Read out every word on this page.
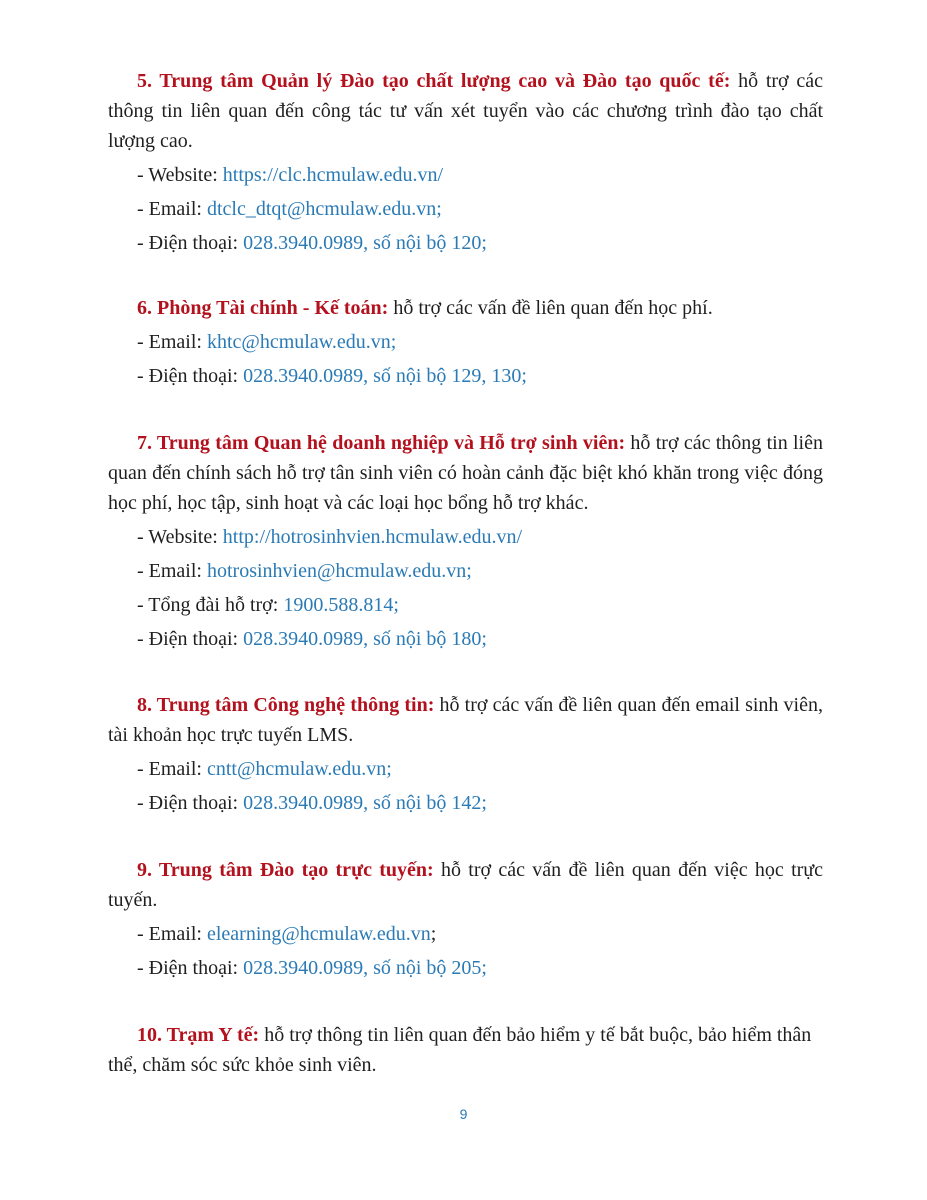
5. Trung tâm Quản lý Đào tạo chất lượng cao và Đào tạo quốc tế: hỗ trợ các thông tin liên quan đến công tác tư vấn xét tuyển vào các chương trình đào tạo chất lượng cao.

- Website: https://clc.hcmulaw.edu.vn/

- Email: dtclc_dtqt@hcmulaw.edu.vn;

- Điện thoại: 028.3940.0989, số nội bộ 120;

6. Phòng Tài chính - Kế toán: hỗ trợ các vấn đề liên quan đến học phí.

- Email: khtc@hcmulaw.edu.vn;

- Điện thoại: 028.3940.0989, số nội bộ 129, 130;

7. Trung tâm Quan hệ doanh nghiệp và Hỗ trợ sinh viên: hỗ trợ các thông tin liên quan đến chính sách hỗ trợ tân sinh viên có hoàn cảnh đặc biệt khó khăn trong việc đóng học phí, học tập, sinh hoạt và các loại học bổng hỗ trợ khác.

- Website: http://hotrosinhvien.hcmulaw.edu.vn/

- Email: hotrosinhvien@hcmulaw.edu.vn;

- Tổng đài hỗ trợ: 1900.588.814;

- Điện thoại: 028.3940.0989, số nội bộ 180;

8. Trung tâm Công nghệ thông tin: hỗ trợ các vấn đề liên quan đến email sinh viên, tài khoản học trực tuyến LMS.

- Email: cntt@hcmulaw.edu.vn;

- Điện thoại: 028.3940.0989, số nội bộ 142;

9. Trung tâm Đào tạo trực tuyến: hỗ trợ các vấn đề liên quan đến việc học trực tuyến.

- Email: elearning@hcmulaw.edu.vn;

- Điện thoại: 028.3940.0989, số nội bộ 205;

10. Trạm Y tế: hỗ trợ thông tin liên quan đến bảo hiểm y tế bắt buộc, bảo hiểm thân thể, chăm sóc sức khỏe sinh viên.

9
